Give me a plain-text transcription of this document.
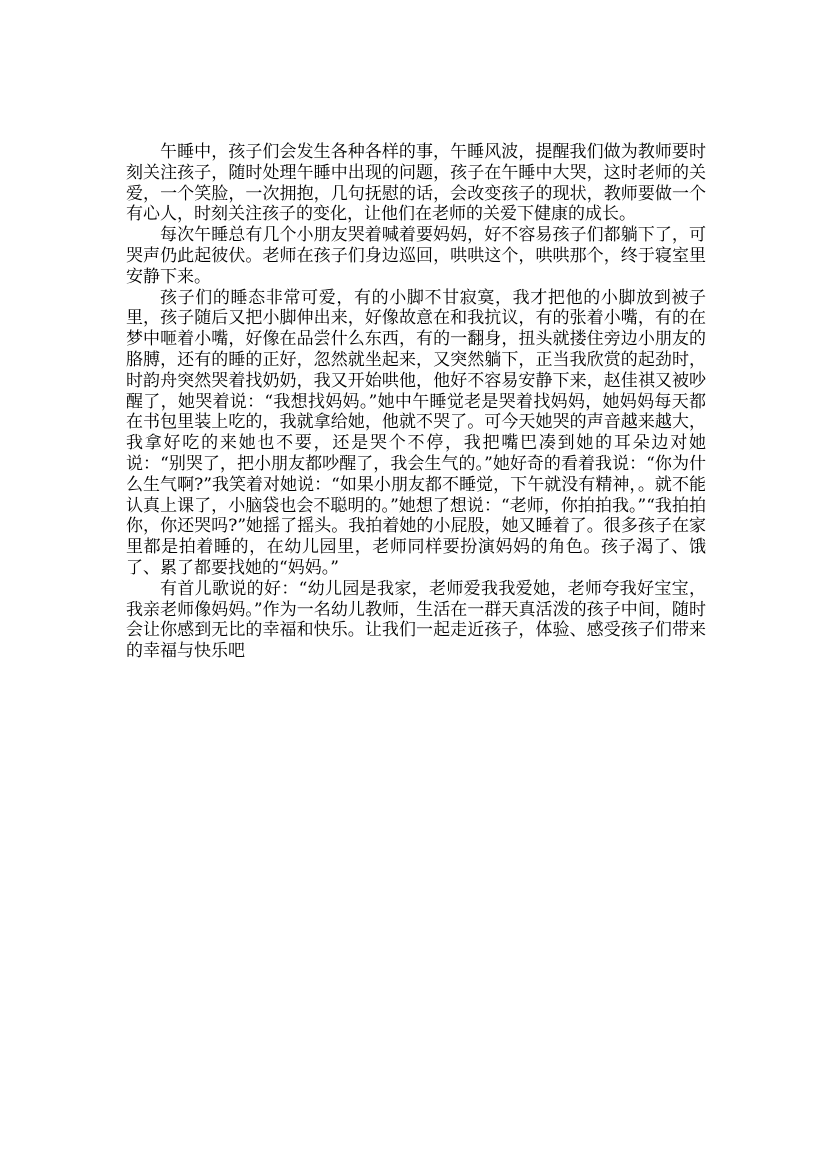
午睡中，孩子们会发生各种各样的事，午睡风波，提醒我们做为教师要时刻关注孩子，随时处理午睡中出现的问题，孩子在午睡中大哭，这时老师的关爱，一个笑脸，一次拥抱，几句抚慰的话，会改变孩子的现状，教师要做一个有心人，时刻关注孩子的变化，让他们在老师的关爱下健康的成长。

每次午睡总有几个小朋友哭着喊着要妈妈，好不容易孩子们都躺下了，可哭声仍此起彼伏。老师在孩子们身边巡回，哄哄这个，哄哄那个，终于寝室里安静下来。

孩子们的睡态非常可爱，有的小脚不甘寂寞，我才把他的小脚放到被子里，孩子随后又把小脚伸出来，好像故意在和我抗议，有的张着小嘴，有的在梦中咂着小嘴，好像在品尝什么东西，有的一翻身，扭头就搂住旁边小朋友的胳膊，还有的睡的正好，忽然就坐起来，又突然躺下，正当我欣赏的起劲时，时韵舟突然哭着找奶奶，我又开始哄他，他好不容易安静下来，赵佳祺又被吵醒了，她哭着说：“我想找妈妈。”她中午睡觉老是哭着找妈妈，她妈妈每天都在书包里装上吃的，我就拿给她，他就不哭了。可今天她哭的声音越来越大，我拿好吃的来她也不要，还是哭个不停，我把嘴巴凑到她的耳朵边对她说：“别哭了，把小朋友都吵醒了，我会生气的。”她好奇的看着我说：“你为什么生气啊?”我笑着对她说：“如果小朋友都不睡觉，下午就没有精神，。就不能认真上课了，小脑袋也会不聪明的。”她想了想说：“老师，你拍拍我。”“我拍拍你，你还哭吗?”她摇了摇头。我拍着她的小屁股，她又睡着了。很多孩子在家里都是拍着睡的，在幼儿园里，老师同样要扮演妈妈的角色。孩子渴了、饿了、累了都要找她的“妈妈。”

有首儿歌说的好：“幼儿园是我家，老师爱我我爱她，老师夸我好宝宝，我亲老师像妈妈。”作为一名幼儿教师，生活在一群天真活泼的孩子中间，随时会让你感到无比的幸福和快乐。让我们一起走近孩子，体验、感受孩子们带来的幸福与快乐吧
